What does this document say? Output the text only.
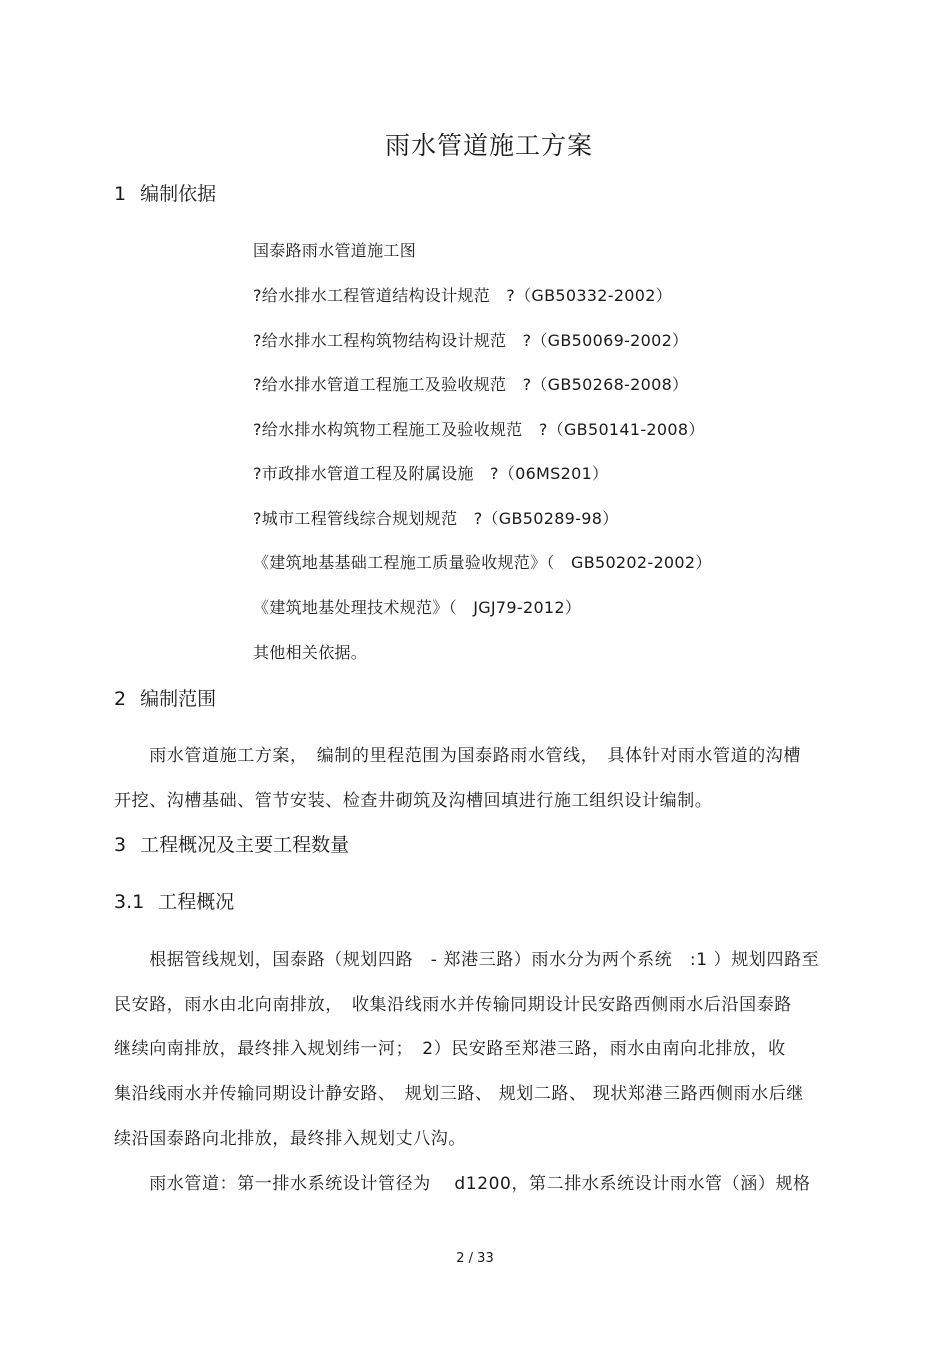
雨水管道施工方案
1 编制依据
国泰路雨水管道施工图
?给水排水工程管道结构设计规范　?（GB50332-2002）
?给水排水工程构筑物结构设计规范　?（GB50069-2002）
?给水排水管道工程施工及验收规范　?（GB50268-2008）
?给水排水构筑物工程施工及验收规范　?（GB50141-2008）
?市政排水管道工程及附属设施　?（06MS201）
?城市工程管线综合规划规范　?（GB50289-98）
《建筑地基基础工程施工质量验收规范》（　GB50202-2002）
《建筑地基处理技术规范》（　JGJ79-2012）
其他相关依据。
2 编制范围
　　雨水管道施工方案，　编制的里程范围为国泰路雨水管线，　具体针对雨水管道的沟槽
开挖、沟槽基础、管节安装、检查井砌筑及沟槽回填进行施工组织设计编制。
3 工程概况及主要工程数量
3.1 工程概况
　　根据管线规划，国泰路（规划四路　- 郑港三路）雨水分为两个系统　:1 ）规划四路至
民安路，雨水由北向南排放，　收集沿线雨水并传输同期设计民安路西侧雨水后沿国泰路
继续向南排放，最终排入规划纬一河；　2）民安路至郑港三路，雨水由南向北排放，收
集沿线雨水并传输同期设计静安路、　规划三路、 规划二路、 现状郑港三路西侧雨水后继
续沿国泰路向北排放，最终排入规划丈八沟。
　　雨水管道：第一排水系统设计管径为　 d1200，第二排水系统设计雨水管（涵）规格
2 / 33
